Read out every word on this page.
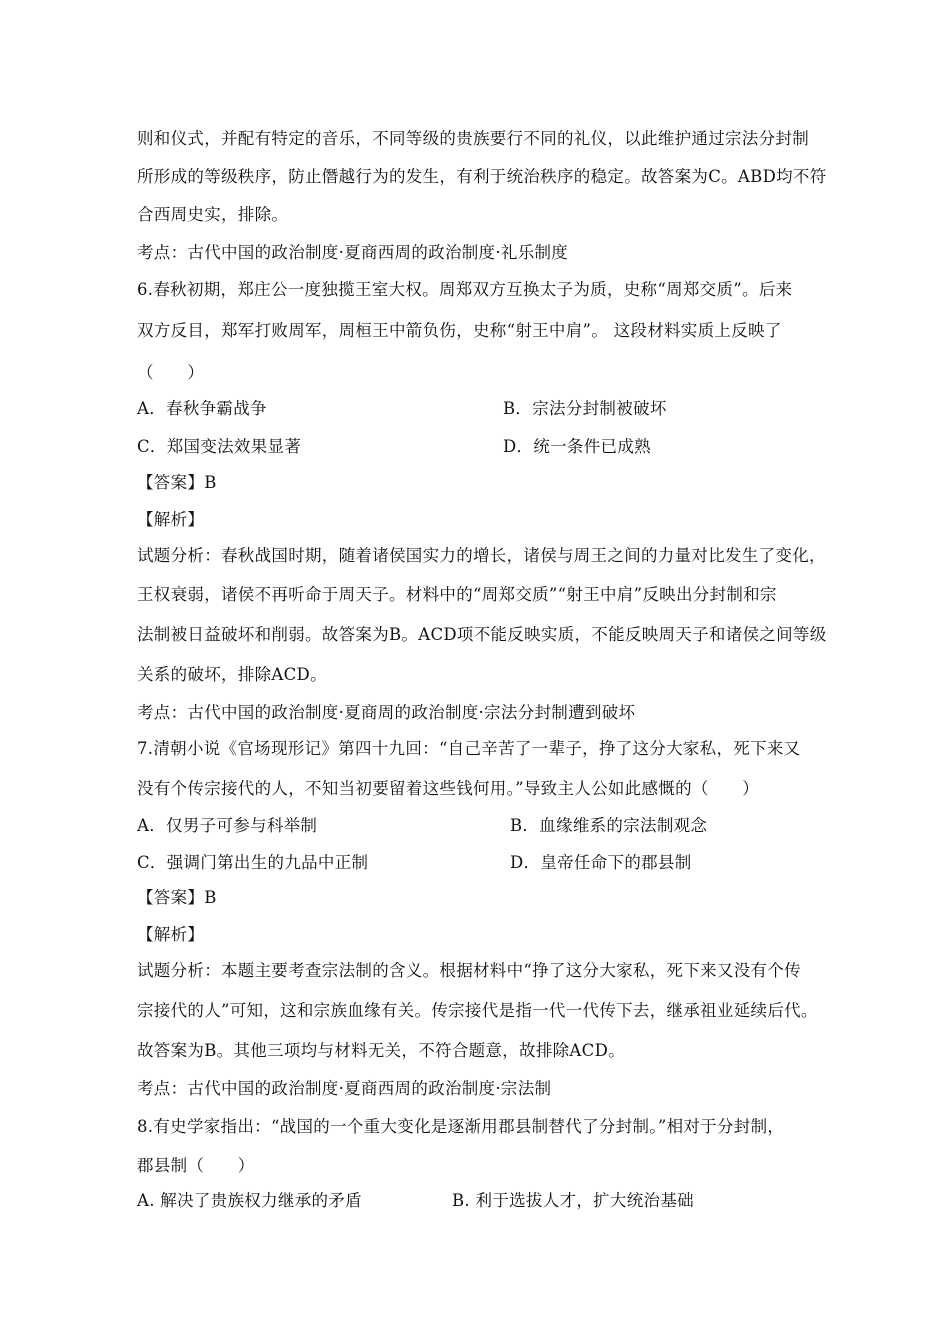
则和仪式，并配有特定的音乐，不同等级的贵族要行不同的礼仪，以此维护通过宗法分封制
所形成的等级秩序，防止僭越行为的发生，有利于统治秩序的稳定。故答案为C。ABD均不符
合西周史实，排除。
考点：古代中国的政治制度·夏商西周的政治制度·礼乐制度
6.春秋初期，郑庄公一度独揽王室大权。周郑双方互换太子为质，史称“周郑交质”。后来
双方反目，郑军打败周军，周桓王中箭负伤，史称“射王中肩”。 这段材料实质上反映了
（　　）
A．春秋争霸战争	B．宗法分封制被破坏
C．郑国变法效果显著	D．统一条件已成熟
【答案】B
【解析】
试题分析：春秋战国时期，随着诸侯国实力的增长，诸侯与周王之间的力量对比发生了变化，
王权衰弱，诸侯不再听命于周天子。材料中的“周郑交质”“射王中肩”反映出分封制和宗
法制被日益破坏和削弱。故答案为B。ACD项不能反映实质，不能反映周天子和诸侯之间等级
关系的破坏，排除ACD。
考点：古代中国的政治制度·夏商周的政治制度·宗法分封制遭到破坏
7.清朝小说《官场现形记》第四十九回：“自己辛苦了一辈子，挣了这分大家私，死下来又
没有个传宗接代的人，不知当初要留着这些钱何用。”导致主人公如此感慨的（　　）
A．仅男子可参与科举制	B．血缘维系的宗法制观念
C．强调门第出生的九品中正制	D．皇帝任命下的郡县制
【答案】B
【解析】
试题分析：本题主要考查宗法制的含义。根据材料中“挣了这分大家私，死下来又没有个传
宗接代的人”可知，这和宗族血缘有关。传宗接代是指一代一代传下去，继承祖业延续后代。
故答案为B。其他三项均与材料无关，不符合题意，故排除ACD。
考点：古代中国的政治制度·夏商西周的政治制度·宗法制
8.有史学家指出：“战国的一个重大变化是逐渐用郡县制替代了分封制。”相对于分封制，
郡县制（　　）
A. 解决了贵族权力继承的矛盾	B. 利于选拔人才，扩大统治基础
